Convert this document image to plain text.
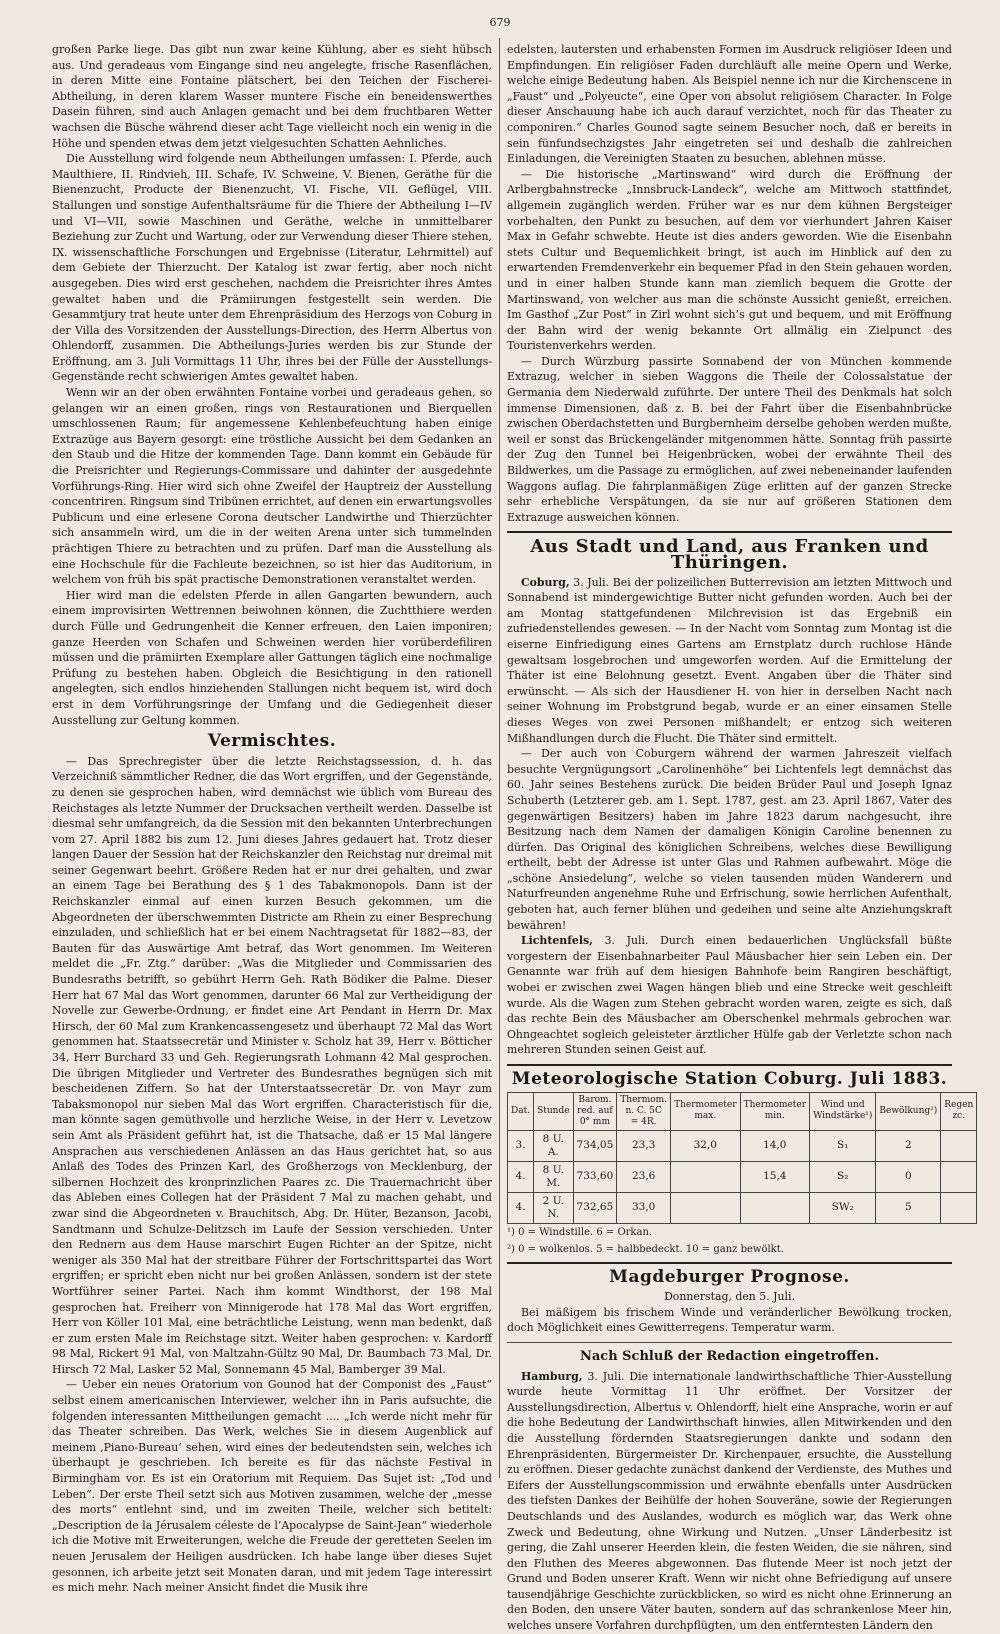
679

großen Parke liege. Das gibt nun zwar keine Kühlung, aber es sieht hübsch aus. Und geradeaus vom Eingange sind neu angelegte, frische Rasenflächen, in deren Mitte eine Fontaine plätschert, bei den Teichen der Fischerei-Abtheilung, in deren klarem Wasser muntere Fische ein beneidenswerthes Dasein führen, sind auch Anlagen gemacht und bei dem fruchtbaren Wetter wachsen die Büsche während dieser acht Tage vielleicht noch ein wenig in die Höhe und spenden etwas dem jetzt vielgesuchten Schatten Aehnliches.

Die Ausstellung wird folgende neun Abtheilungen umfassen: I. Pferde, auch Maulthiere, II. Rindvieh, III. Schafe, IV. Schweine, V. Bienen, Geräthe für die Bienenzucht, Producte der Bienenzucht, VI. Fische, VII. Geflügel, VIII. Stallungen und sonstige Aufenthaltsräume für die Thiere der Abtheilung I—IV und VI—VII, sowie Maschinen und Geräthe, welche in unmittelbarer Beziehung zur Zucht und Wartung, oder zur Verwendung dieser Thiere stehen, IX. wissenschaftliche Forschungen und Ergebnisse (Literatur, Lehrmittel) auf dem Gebiete der Thierzucht. Der Katalog ist zwar fertig, aber noch nicht ausgegeben. Dies wird erst geschehen, nachdem die Preisrichter ihres Amtes gewaltet haben und die Prämiirungen festgestellt sein werden. Die Gesammtjury trat heute unter dem Ehrenpräsidium des Herzogs von Coburg in der Villa des Vorsitzenden der Ausstellungs-Direction, des Herrn Albertus von Ohlendorff, zusammen. Die Abtheilungs-Juries werden bis zur Stunde der Eröffnung, am 3. Juli Vormittags 11 Uhr, ihres bei der Fülle der Ausstellungs-Gegenstände recht schwierigen Amtes gewaltet haben.

Wenn wir an der oben erwähnten Fontaine vorbei und geradeaus gehen, so gelangen wir an einen großen, rings von Restaurationen und Bierquellen umschlossenen Raum; für angemessene Kehlenbefeuchtung haben einige Extrazüge aus Bayern gesorgt: eine tröstliche Aussicht bei dem Gedanken an den Staub und die Hitze der kommenden Tage. Dann kommt ein Gebäude für die Preisrichter und Regierungs-Commissare und dahinter der ausgedehnte Vorführungs-Ring. Hier wird sich ohne Zweifel der Hauptreiz der Ausstellung concentriren. Ringsum sind Tribünen errichtet, auf denen ein erwartungsvolles Publicum und eine erlesene Corona deutscher Landwirthe und Thierzüchter sich ansammeln wird, um die in der weiten Arena unter sich tummelnden prächtigen Thiere zu betrachten und zu prüfen. Darf man die Ausstellung als eine Hochschule für die Fachleute bezeichnen, so ist hier das Auditorium, in welchem von früh bis spät practische Demonstrationen veranstaltet werden.

Hier wird man die edelsten Pferde in allen Gangarten bewundern, auch einem improvisirten Wettrennen beiwohnen können, die Zuchtthiere werden durch Fülle und Gedrungenheit die Kenner erfreuen, den Laien imponiren; ganze Heerden von Schafen und Schweinen werden hier vorüberdefiliren müssen und die prämiirten Exemplare aller Gattungen täglich eine nochmalige Prüfung zu bestehen haben. Obgleich die Besichtigung in den rationell angelegten, sich endlos hinziehenden Stallungen nicht bequem ist, wird doch erst in dem Vorführungsringe der Umfang und die Gediegenheit dieser Ausstellung zur Geltung kommen.

Vermischtes.

— Das Sprechregister über die letzte Reichstagssession, d. h. das Verzeichniß sämmtlicher Redner, die das Wort ergriffen, und der Gegenstände, zu denen sie gesprochen haben, wird demnächst wie üblich vom Bureau des Reichstages als letzte Nummer der Drucksachen vertheilt werden. Dasselbe ist diesmal sehr umfangreich, da die Session mit den bekannten Unterbrechungen vom 27. April 1882 bis zum 12. Juni dieses Jahres gedauert hat. Trotz dieser langen Dauer der Session hat der Reichskanzler den Reichstag nur dreimal mit seiner Gegenwart beehrt. Größere Reden hat er nur drei gehalten, und zwar an einem Tage bei Berathung des § 1 des Tabakmonopols. Dann ist der Reichskanzler einmal auf einen kurzen Besuch gekommen, um die Abgeordneten der überschwemmten Districte am Rhein zu einer Besprechung einzuladen, und schließlich hat er bei einem Nachtragsetat für 1882—83, der Bauten für das Auswärtige Amt betraf, das Wort genommen. Im Weiteren meldet die „Fr. Ztg.“ darüber: „Was die Mitglieder und Commissarien des Bundesraths betrifft, so gebührt Herrn Geh. Rath Bödiker die Palme. Dieser Herr hat 67 Mal das Wort genommen, darunter 66 Mal zur Vertheidigung der Novelle zur Gewerbe-Ordnung, er findet eine Art Pendant in Herrn Dr. Max Hirsch, der 60 Mal zum Krankencassengesetz und überhaupt 72 Mal das Wort genommen hat. Staatssecretär und Minister v. Scholz hat 39, Herr v. Bötticher 34, Herr Burchard 33 und Geh. Regierungsrath Lohmann 42 Mal gesprochen. Die übrigen Mitglieder und Vertreter des Bundesrathes begnügen sich mit bescheidenen Ziffern. So hat der Unterstaatssecretär Dr. von Mayr zum Tabaksmonopol nur sieben Mal das Wort ergriffen. Characteristisch für die, man könnte sagen gemüthvolle und herzliche Weise, in der Herr v. Levetzow sein Amt als Präsident geführt hat, ist die Thatsache, daß er 15 Mal längere Ansprachen aus verschiedenen Anlässen an das Haus gerichtet hat, so aus Anlaß des Todes des Prinzen Karl, des Großherzogs von Mecklenburg, der silbernen Hochzeit des kronprinzlichen Paares zc. Die Trauernachricht über das Ableben eines Collegen hat der Präsident 7 Mal zu machen gehabt, und zwar sind die Abgeordneten v. Brauchitsch, Abg. Dr. Hüter, Bezanson, Jacobi, Sandtmann und Schulze-Delitzsch im Laufe der Session verschieden. Unter den Rednern aus dem Hause marschirt Eugen Richter an der Spitze, nicht weniger als 350 Mal hat der streitbare Führer der Fortschrittspartei das Wort ergriffen; er spricht eben nicht nur bei großen Anlässen, sondern ist der stete Wortführer seiner Partei. Nach ihm kommt Windthorst, der 198 Mal gesprochen hat. Freiherr von Minnigerode hat 178 Mal das Wort ergriffen, Herr von Köller 101 Mal, eine beträchtliche Leistung, wenn man bedenkt, daß er zum ersten Male im Reichstage sitzt. Weiter haben gesprochen: v. Kardorff 98 Mal, Rickert 91 Mal, von Maltzahn-Gültz 90 Mal, Dr. Baumbach 73 Mal, Dr. Hirsch 72 Mal, Lasker 52 Mal, Sonnemann 45 Mal, Bamberger 39 Mal.

— Ueber ein neues Oratorium von Gounod hat der Componist des „Faust“ selbst einem americanischen Interviewer, welcher ihn in Paris aufsuchte, die folgenden interessanten Mittheilungen gemacht .... „Ich werde nicht mehr für das Theater schreiben. Das Werk, welches Sie in diesem Augenblick auf meinem ‚Piano-Bureau‘ sehen, wird eines der bedeutendsten sein, welches ich überhaupt je geschrieben. Ich bereite es für das nächste Festival in Birmingham vor. Es ist ein Oratorium mit Requiem. Das Sujet ist: „Tod und Leben“. Der erste Theil setzt sich aus Motiven zusammen, welche der „messe des morts“ entlehnt sind, und im zweiten Theile, welcher sich betitelt: „Description de la Jérusalem céleste de l’Apocalypse de Saint-Jean“ wiederhole ich die Motive mit Erweiterungen, welche die Freude der geretteten Seelen im neuen Jerusalem der Heiligen ausdrücken. Ich habe lange über dieses Sujet gesonnen, ich arbeite jetzt seit Monaten daran, und mit jedem Tage interessirt es mich mehr. Nach meiner Ansicht findet die Musik ihre

edelsten, lautersten und erhabensten Formen im Ausdruck religiöser Ideen und Empfindungen. Ein religiöser Faden durchläuft alle meine Opern und Werke, welche einige Bedeutung haben. Als Beispiel nenne ich nur die Kirchenscene in „Faust“ und „Polyeucte“, eine Oper von absolut religiösem Character. In Folge dieser Anschauung habe ich auch darauf verzichtet, noch für das Theater zu componiren.“ Charles Gounod sagte seinem Besucher noch, daß er bereits in sein fünfundsechzigstes Jahr eingetreten sei und deshalb die zahlreichen Einladungen, die Vereinigten Staaten zu besuchen, ablehnen müsse.

— Die historische „Martinswand“ wird durch die Eröffnung der Arlbergbahnstrecke „Innsbruck-Landeck“, welche am Mittwoch stattfindet, allgemein zugänglich werden. Früher war es nur dem kühnen Bergsteiger vorbehalten, den Punkt zu besuchen, auf dem vor vierhundert Jahren Kaiser Max in Gefahr schwebte. Heute ist dies anders geworden. Wie die Eisenbahn stets Cultur und Bequemlichkeit bringt, ist auch im Hinblick auf den zu erwartenden Fremdenverkehr ein bequemer Pfad in den Stein gehauen worden, und in einer halben Stunde kann man ziemlich bequem die Grotte der Martinswand, von welcher aus man die schönste Aussicht genießt, erreichen. Im Gasthof „Zur Post“ in Zirl wohnt sich’s gut und bequem, und mit Eröffnung der Bahn wird der wenig bekannte Ort allmälig ein Zielpunct des Touristenverkehrs werden.

— Durch Würzburg passirte Sonnabend der von München kommende Extrazug, welcher in sieben Waggons die Theile der Colossalstatue der Germania dem Niederwald zuführte. Der untere Theil des Denkmals hat solch immense Dimensionen, daß z. B. bei der Fahrt über die Eisenbahnbrücke zwischen Oberdachstetten und Burgbernheim derselbe gehoben werden mußte, weil er sonst das Brückengeländer mitgenommen hätte. Sonntag früh passirte der Zug den Tunnel bei Heigenbrücken, wobei der erwähnte Theil des Bildwerkes, um die Passage zu ermöglichen, auf zwei nebeneinander laufenden Waggons auflag. Die fahrplanmäßigen Züge erlitten auf der ganzen Strecke sehr erhebliche Verspätungen, da sie nur auf größeren Stationen dem Extrazuge ausweichen können.

Aus Stadt und Land, aus Franken und Thüringen.

Coburg, 3. Juli. Bei der polizeilichen Butterrevision am letzten Mittwoch und Sonnabend ist mindergewichtige Butter nicht gefunden worden. Auch bei der am Montag stattgefundenen Milchrevision ist das Ergebniß ein zufriedenstellendes gewesen. — In der Nacht vom Sonntag zum Montag ist die eiserne Einfriedigung eines Gartens am Ernstplatz durch ruchlose Hände gewaltsam losgebrochen und umgeworfen worden. Auf die Ermittelung der Thäter ist eine Belohnung gesetzt. Event. Angaben über die Thäter sind erwünscht. — Als sich der Hausdiener H. von hier in derselben Nacht nach seiner Wohnung im Probstgrund begab, wurde er an einer einsamen Stelle dieses Weges von zwei Personen mißhandelt; er entzog sich weiteren Mißhandlungen durch die Flucht. Die Thäter sind ermittelt.

— Der auch von Coburgern während der warmen Jahreszeit vielfach besuchte Vergnügungsort „Carolinenhöhe“ bei Lichtenfels legt demnächst das 60. Jahr seines Bestehens zurück. Die beiden Brüder Paul und Joseph Ignaz Schuberth (Letzterer geb. am 1. Sept. 1787, gest. am 23. April 1867, Vater des gegenwärtigen Besitzers) haben im Jahre 1823 darum nachgesucht, ihre Besitzung nach dem Namen der damaligen Königin Caroline benennen zu dürfen. Das Original des königlichen Schreibens, welches diese Bewilligung ertheilt, bebt der Adresse ist unter Glas und Rahmen aufbewahrt. Möge die „schöne Ansiedelung“, welche so vielen tausenden müden Wanderern und Naturfreunden angenehme Ruhe und Erfrischung, sowie herrlichen Aufenthalt, geboten hat, auch ferner blühen und gedeihen und seine alte Anziehungskraft bewähren!

Lichtenfels, 3. Juli. Durch einen bedauerlichen Unglücksfall büßte vorgestern der Eisenbahnarbeiter Paul Mäusbacher hier sein Leben ein. Der Genannte war früh auf dem hiesigen Bahnhofe beim Rangiren beschäftigt, wobei er zwischen zwei Wagen hängen blieb und eine Strecke weit geschleift wurde. Als die Wagen zum Stehen gebracht worden waren, zeigte es sich, daß das rechte Bein des Mäusbacher am Oberschenkel mehrmals gebrochen war. Ohngeachtet sogleich geleisteter ärztlicher Hülfe gab der Verletzte schon nach mehreren Stunden seinen Geist auf.

Meteorologische Station Coburg. Juli 1883.
Dat.	Stunde	Barom. red. auf 0° mm	Thermom. n. C. 5C = 4R.	Thermometer max.	Thermometer min.	Wind und Windstärke¹)	Bewölkung²)	Regen zc.
3.	8 U. A.	734,05	23,3	32,0	14,0	S₁	2	
4.	8 U. M.	733,60	23,6		15,4	S₂	0	
4.	2 U. N.	732,65	33,0			SW₂	5	
¹) 0 = Windstille. 6 = Orkan.
²) 0 = wolkenlos. 5 = halbbedeckt. 10 = ganz bewölkt.
Magdeburger Prognose.
Donnerstag, den 5. Juli.

Bei mäßigem bis frischem Winde und veränderlicher Bewölkung trocken, doch Möglichkeit eines Gewitterregens. Temperatur warm.

Nach Schluß der Redaction eingetroffen.

Hamburg, 3. Juli. Die internationale landwirthschaftliche Thier-Ausstellung wurde heute Vormittag 11 Uhr eröffnet. Der Vorsitzer der Ausstellungsdirection, Albertus v. Ohlendorff, hielt eine Ansprache, worin er auf die hohe Bedeutung der Landwirthschaft hinwies, allen Mitwirkenden und den die Ausstellung fördernden Staatsregierungen dankte und sodann den Ehrenpräsidenten, Bürgermeister Dr. Kirchenpauer, ersuchte, die Ausstellung zu eröffnen. Dieser gedachte zunächst dankend der Verdienste, des Muthes und Eifers der Ausstellungscommission und erwähnte ebenfalls unter Ausdrücken des tiefsten Dankes der Beihülfe der hohen Souveräne, sowie der Regierungen Deutschlands und des Auslandes, wodurch es möglich war, das Werk ohne Zweck und Bedeutung, ohne Wirkung und Nutzen. „Unser Länderbesitz ist gering, die Zahl unserer Heerden klein, die festen Weiden, die sie nähren, sind den Fluthen des Meeres abgewonnen. Das flutende Meer ist noch jetzt der Grund und Boden unserer Kraft. Wenn wir nicht ohne Befriedigung auf unsere tausendjährige Geschichte zurückblicken, so wird es nicht ohne Erinnerung an den Boden, den unsere Väter bauten, sondern auf das schrankenlose Meer hin, welches unsere Vorfahren durchpflügten, um den entferntesten Ländern den
